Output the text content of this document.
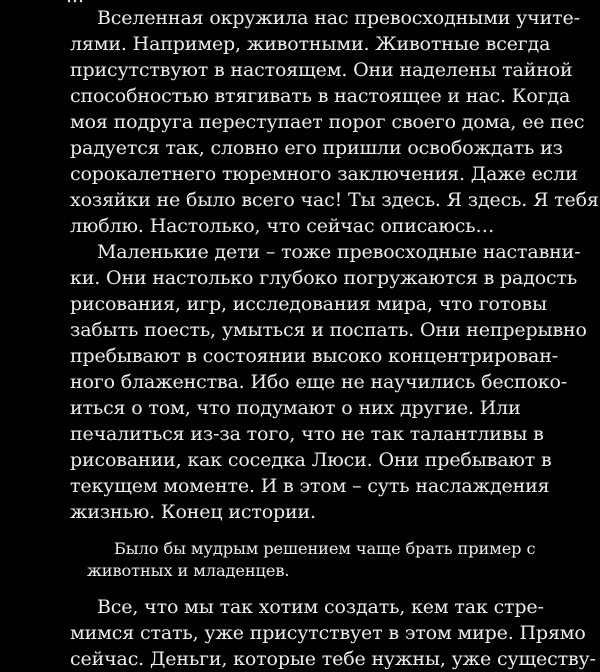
Вселенная окружила нас превосходными учите-
лями. Например, животными. Животные всегда
присутствуют в настоящем. Они наделены тайной
способностью втягивать в настоящее и нас. Когда
моя подруга переступает порог своего дома, ее пес
радуется так, словно его пришли освобождать из
сорокалетнего тюремного заключения. Даже если
хозяйки не было всего час! Ты здесь. Я здесь. Я тебя
люблю. Настолько, что сейчас описаюсь…
Маленькие дети – тоже превосходные наставни-
ки. Они настолько глубоко погружаются в радость
рисования, игр, исследования мира, что готовы
забыть поесть, умыться и поспать. Они непрерывно
пребывают в состоянии высоко концентрирован-
ного блаженства. Ибо еще не научились беспоко-
иться о том, что подумают о них другие. Или
печалиться из-за того, что не так талантливы в
рисовании, как соседка Люси. Они пребывают в
текущем моменте. И в этом – суть наслаждения
жизнью. Конец истории.
Было бы мудрым решением чаще брать пример с
животных и младенцев.
Все, что мы так хотим создать, кем так стре-
мимся стать, уже присутствует в этом мире. Прямо
сейчас. Деньги, которые тебе нужны, уже существу-
